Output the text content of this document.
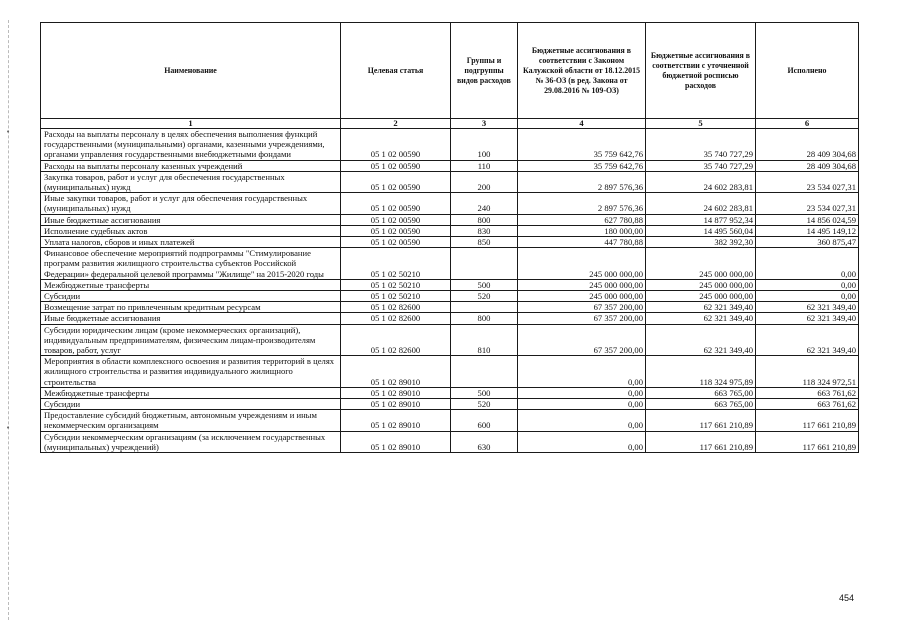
•
•
Наименование	Целевая статья	Группы и подгруппы видов расходов	Бюджетные ассигнования в соответствии с Законом Калужской области от 18.12.2015 № 36-ОЗ (в ред. Закона от 29.08.2016 № 109-ОЗ)	Бюджетные ассигнования в соответствии с уточненной бюджетной росписью расходов	Исполнено
1	2	3	4	5	6
Расходы на выплаты персоналу в целях обеспечения выполнения функций государственными (муниципальными) органами, казенными учреждениями, органами управления государственными внебюджетными фондами	05 1 02 00590	100	35 759 642,76	35 740 727,29	28 409 304,68
Расходы на выплаты персоналу казенных учреждений	05 1 02 00590	110	35 759 642,76	35 740 727,29	28 409 304,68
Закупка товаров, работ и услуг для обеспечения государственных (муниципальных) нужд	05 1 02 00590	200	2 897 576,36	24 602 283,81	23 534 027,31
Иные закупки товаров, работ и услуг для обеспечения государственных (муниципальных) нужд	05 1 02 00590	240	2 897 576,36	24 602 283,81	23 534 027,31
Иные бюджетные ассигнования	05 1 02 00590	800	627 780,88	14 877 952,34	14 856 024,59
Исполнение судебных актов	05 1 02 00590	830	180 000,00	14 495 560,04	14 495 149,12
Уплата налогов, сборов и иных платежей	05 1 02 00590	850	447 780,88	382 392,30	360 875,47
Финансовое обеспечение мероприятий подпрограммы "Стимулирование программ развития жилищного строительства субъектов Российской Федерации» федеральной целевой программы "Жилище" на 2015-2020 годы	05 1 02 50210		245 000 000,00	245 000 000,00	0,00
Межбюджетные трансферты	05 1 02 50210	500	245 000 000,00	245 000 000,00	0,00
Субсидии	05 1 02 50210	520	245 000 000,00	245 000 000,00	0,00
Возмещение затрат по привлеченным кредитным ресурсам	05 1 02 82600		67 357 200,00	62 321 349,40	62 321 349,40
Иные бюджетные ассигнования	05 1 02 82600	800	67 357 200,00	62 321 349,40	62 321 349,40
Субсидии юридическим лицам (кроме некоммерческих организаций), индивидуальным предпринимателям, физическим лицам-производителям товаров, работ, услуг	05 1 02 82600	810	67 357 200,00	62 321 349,40	62 321 349,40
Мероприятия в области комплексного освоения и развития территорий в целях жилищного строительства и развития индивидуального жилищного строительства	05 1 02 89010		0,00	118 324 975,89	118 324 972,51
Межбюджетные трансферты	05 1 02 89010	500	0,00	663 765,00	663 761,62
Субсидии	05 1 02 89010	520	0,00	663 765,00	663 761,62
Предоставление субсидий бюджетным, автономным учреждениям и иным некоммерческим организациям	05 1 02 89010	600	0,00	117 661 210,89	117 661 210,89
Субсидии некоммерческим организациям (за исключением государственных (муниципальных) учреждений)	05 1 02 89010	630	0,00	117 661 210,89	117 661 210,89
454
